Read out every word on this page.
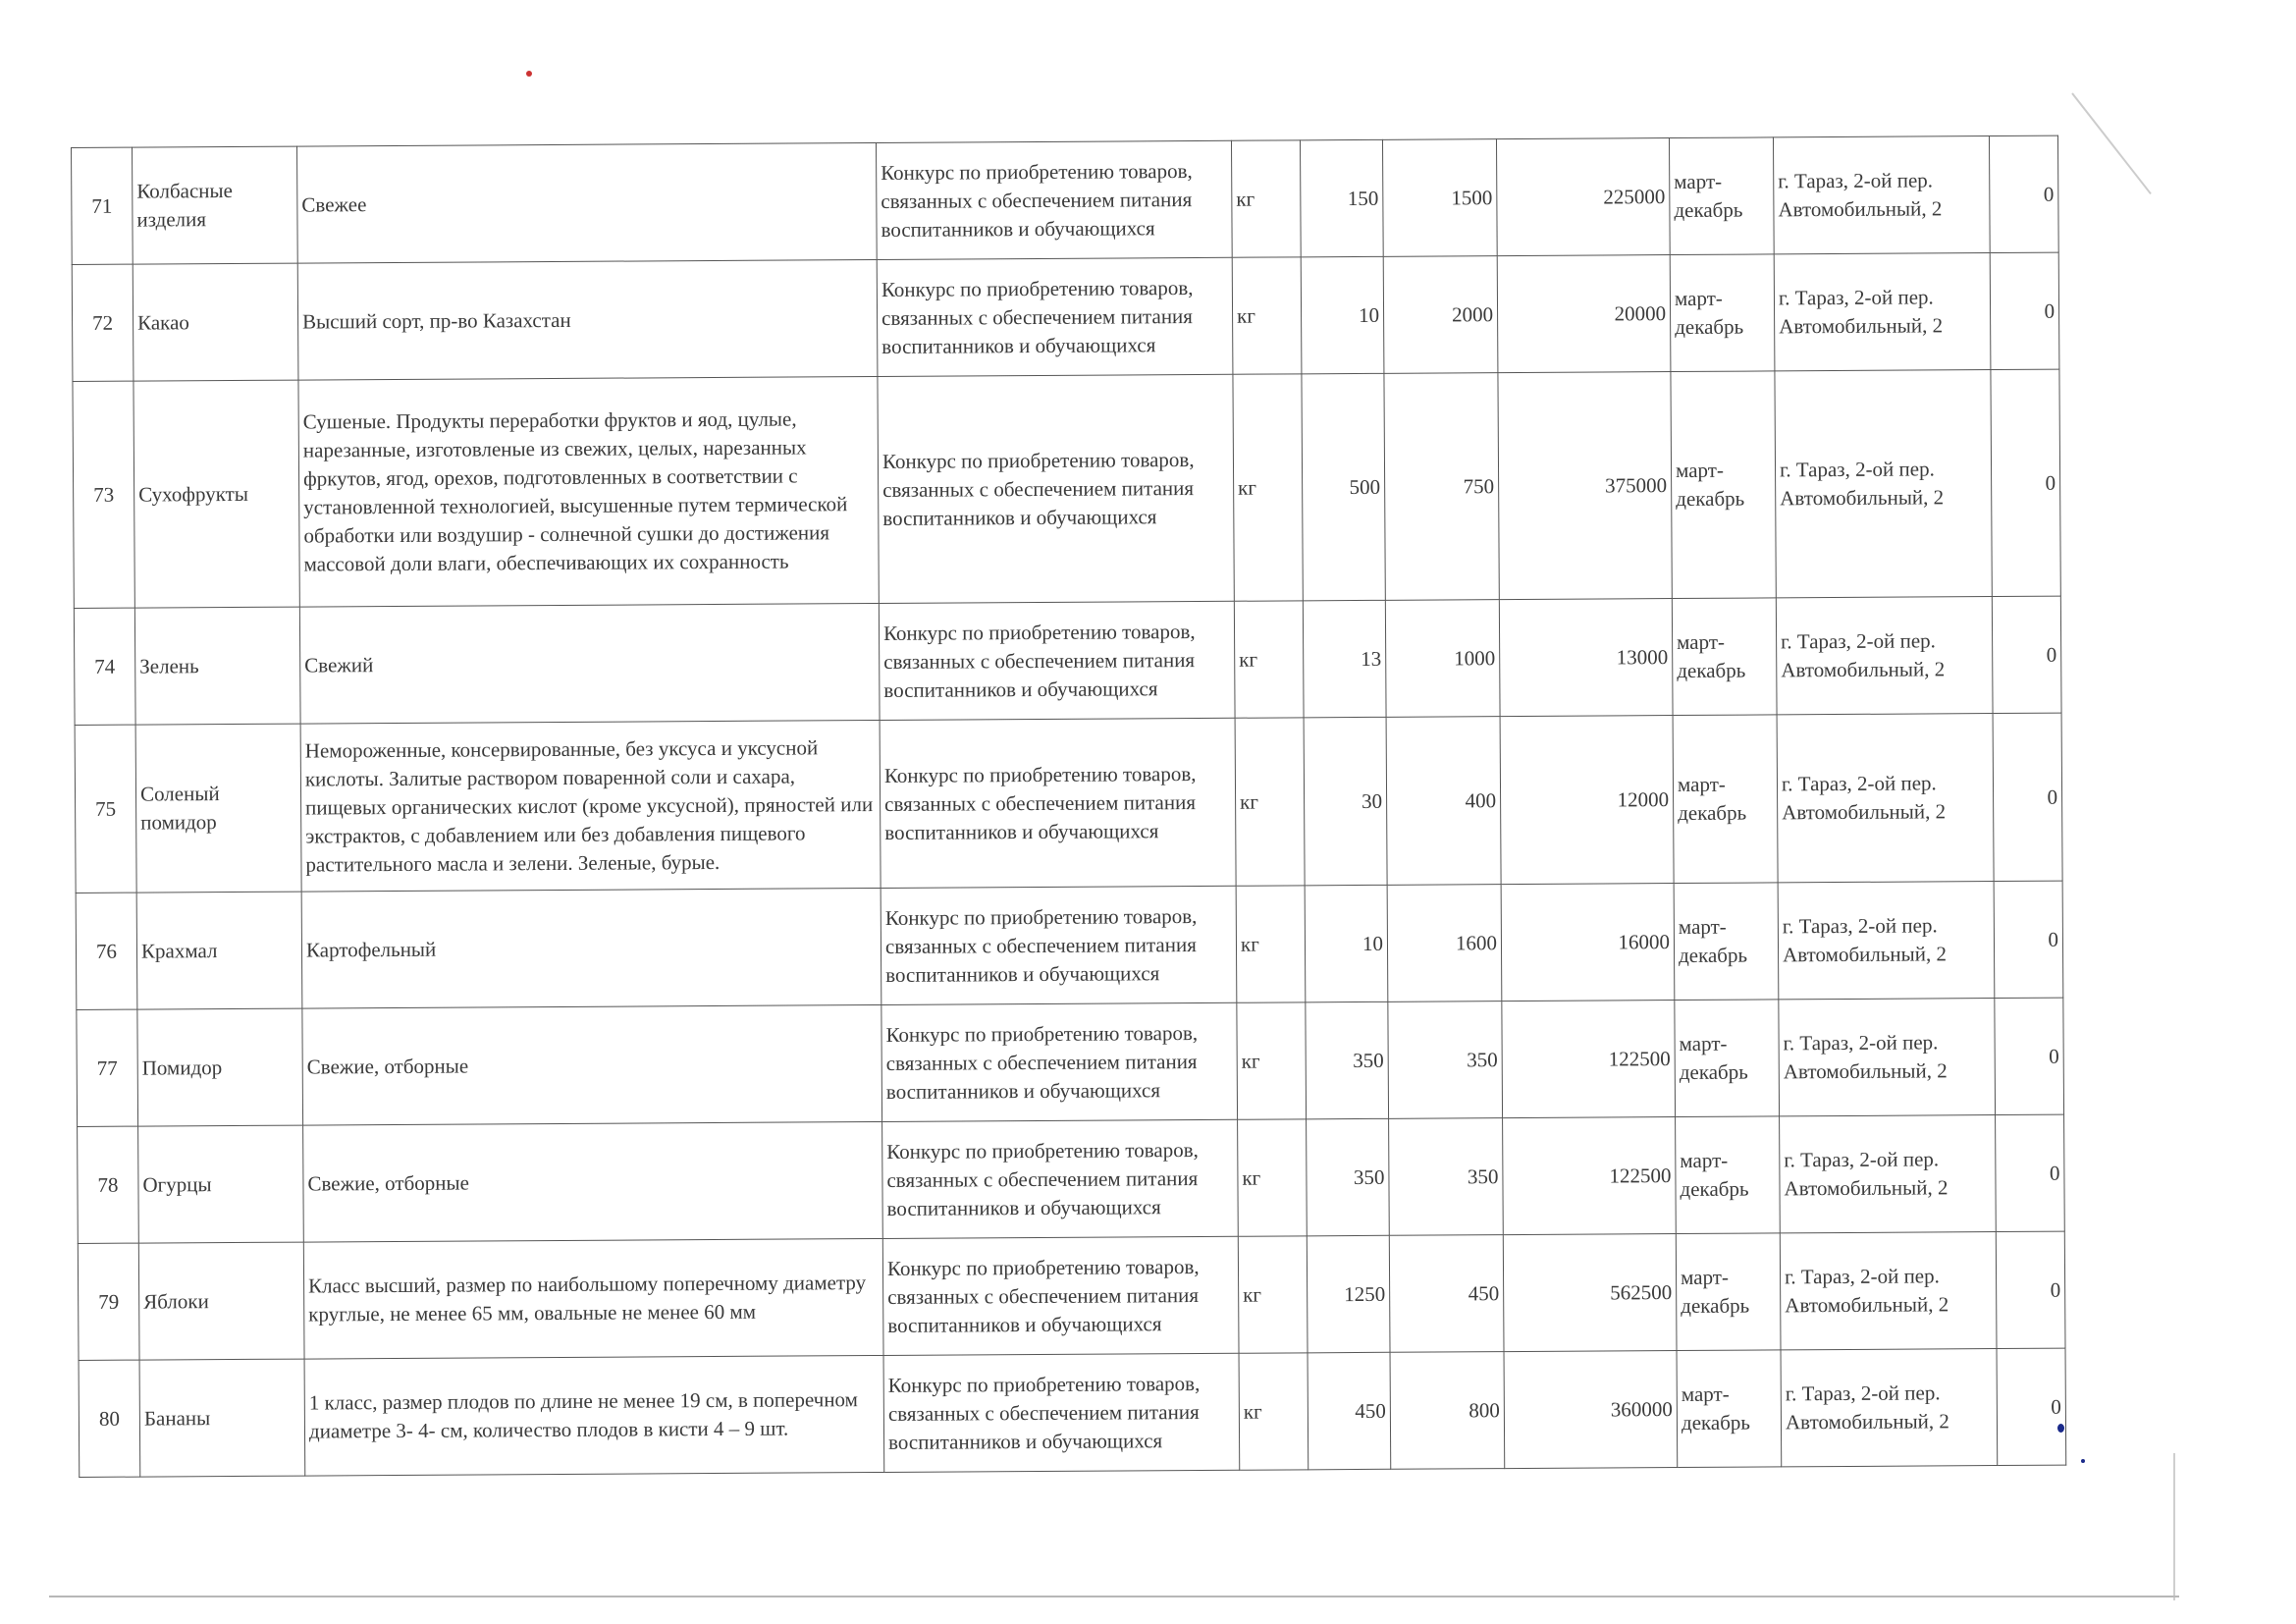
71	Колбасные изделия	Свежее	Конкурс по приобретению товаров, связанных с обеспечением питания воспитанников и обучающихся	кг	150	1500	225000	март-декабрь	г. Тараз, 2-ой пер. Автомобильный, 2	0
72	Какао	Высший сорт, пр-во Казахстан	Конкурс по приобретению товаров, связанных с обеспечением питания воспитанников и обучающихся	кг	10	2000	20000	март-декабрь	г. Тараз, 2-ой пер. Автомобильный, 2	0
73	Сухофрукты	Сушеные. Продукты переработки фруктов и яод, цулые, нарезанные, изготовленые из свежих, целых, нарезанных фркутов, ягод, орехов, подготовленных в соответствии с установленной технологией, высушенные путем термической обработки или воздушир - солнечной сушки до достижения массовой доли влаги, обеспечивающих их сохранность	Конкурс по приобретению товаров, связанных с обеспечением питания воспитанников и обучающихся	кг	500	750	375000	март-декабрь	г. Тараз, 2-ой пер. Автомобильный, 2	0
74	Зелень	Свежий	Конкурс по приобретению товаров, связанных с обеспечением питания воспитанников и обучающихся	кг	13	1000	13000	март-декабрь	г. Тараз, 2-ой пер. Автомобильный, 2	0
75	Соленый помидор	Немороженные, консервированные, без уксуса и уксусной кислоты. Залитые раствором поваренной соли и сахара, пищевых органических кислот (кроме уксусной), пряностей или экстрактов, с добавлением или без добавления пищевого растительного масла и зелени. Зеленые, бурые.	Конкурс по приобретению товаров, связанных с обеспечением питания воспитанников и обучающихся	кг	30	400	12000	март-декабрь	г. Тараз, 2-ой пер. Автомобильный, 2	0
76	Крахмал	Картофельный	Конкурс по приобретению товаров, связанных с обеспечением питания воспитанников и обучающихся	кг	10	1600	16000	март-декабрь	г. Тараз, 2-ой пер. Автомобильный, 2	0
77	Помидор	Свежие, отборные	Конкурс по приобретению товаров, связанных с обеспечением питания воспитанников и обучающихся	кг	350	350	122500	март-декабрь	г. Тараз, 2-ой пер. Автомобильный, 2	0
78	Огурцы	Свежие, отборные	Конкурс по приобретению товаров, связанных с обеспечением питания воспитанников и обучающихся	кг	350	350	122500	март-декабрь	г. Тараз, 2-ой пер. Автомобильный, 2	0
79	Яблоки	Класс высший, размер по наибольшому поперечному диаметру круглые, не менее 65 мм, овальные не менее 60 мм	Конкурс по приобретению товаров, связанных с обеспечением питания воспитанников и обучающихся	кг	1250	450	562500	март-декабрь	г. Тараз, 2-ой пер. Автомобильный, 2	0
80	Бананы	1 класс, размер плодов по длине не менее 19 см, в поперечном диаметре 3- 4- см, количество плодов в кисти 4 – 9 шт.	Конкурс по приобретению товаров, связанных с обеспечением питания воспитанников и обучающихся	кг	450	800	360000	март-декабрь	г. Тараз, 2-ой пер. Автомобильный, 2	0
